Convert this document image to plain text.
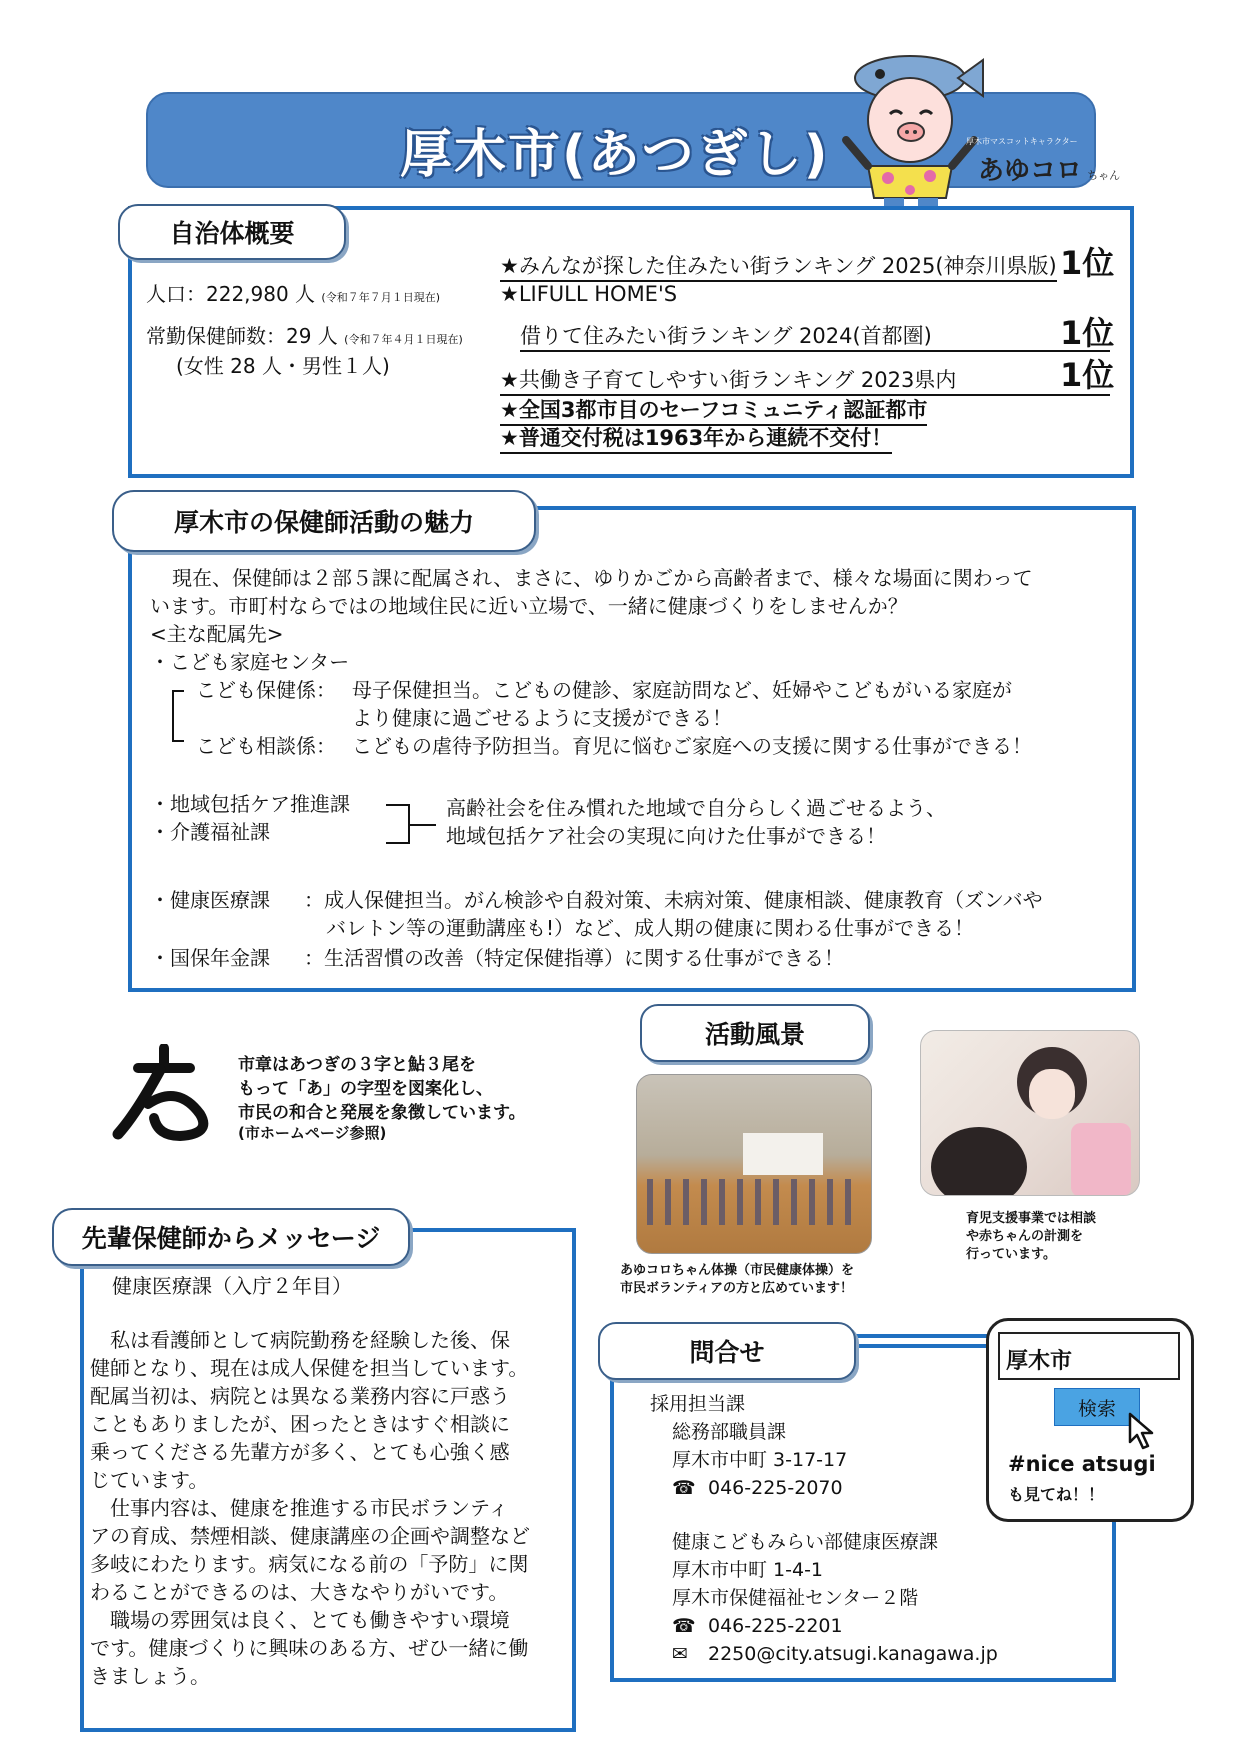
厚木市(あつぎし)	厚木市マスコットキャラクター
あゆコロ ちゃん
自治体概要
人口：222,980 人 (令和７年７月１日現在)
常勤保健師数：29 人 (令和７年４月１日現在)
(女性 28 人・男性１人)
★みんなが探した住みたい街ランキング 2025(神奈川県版) 1位
★LIFULL HOME'S
借りて住みたい街ランキング 2024(首都圏)	1位
★共働き子育てしやすい街ランキング 2023県内	1位
★全国3都市目のセーフコミュニティ認証都市
★普通交付税は1963年から連続不交付！
厚木市の保健師活動の魅力
現在、保健師は２部５課に配属され、まさに、ゆりかごから高齢者まで、様々な場面に関わって
います。市町村ならではの地域住民に近い立場で、一緒に健康づくりをしませんか？
<主な配属先>
・こども家庭センター
こども保健係： 母子保健担当。こどもの健診、家庭訪問など、妊婦やこどもがいる家庭が
より健康に過ごせるように支援ができる！
こども相談係： こどもの虐待予防担当。育児に悩むご家庭への支援に関する仕事ができる！
・地域包括ケア推進課
・介護福祉課
高齢社会を住み慣れた地域で自分らしく過ごせるよう、
地域包括ケア社会の実現に向けた仕事ができる！
・健康医療課 ：成人保健担当。がん検診や自殺対策、未病対策、健康相談、健康教育（ズンバや
バレトン等の運動講座も!）など、成人期の健康に関わる仕事ができる！
・国保年金課 ：生活習慣の改善（特定保健指導）に関する仕事ができる！
市章はあつぎの３字と鮎３尾を
もって「あ」の字型を図案化し、
市民の和合と発展を象徴しています。
(市ホームページ参照)
活動風景
あゆコロちゃん体操（市民健康体操）を
市民ボランティアの方と広めています！
育児支援事業では相談
や赤ちゃんの計測を
行っています。
先輩保健師からメッセージ
健康医療課（入庁２年目）
　私は看護師として病院勤務を経験した後、保
健師となり、現在は成人保健を担当しています。
配属当初は、病院とは異なる業務内容に戸惑う
こともありましたが、困ったときはすぐ相談に
乗ってくださる先輩方が多く、とても心強く感
じています。
　仕事内容は、健康を推進する市民ボランティ
アの育成、禁煙相談、健康講座の企画や調整など
多岐にわたります。病気になる前の「予防」に関
わることができるのは、大きなやりがいです。
　職場の雰囲気は良く、とても働きやすい環境
です。健康づくりに興味のある方、ぜひ一緒に働
きましょう。
問合せ
採用担当課
総務部職員課
厚木市中町 3-17-17
☎ 046-225-2070
健康こどもみらい部健康医療課
厚木市中町 1-4-1
厚木市保健福祉センター２階
☎ 046-225-2201
✉ 2250@city.atsugi.kanagawa.jp
厚木市
検索
#nice atsugi
も見てね！！
